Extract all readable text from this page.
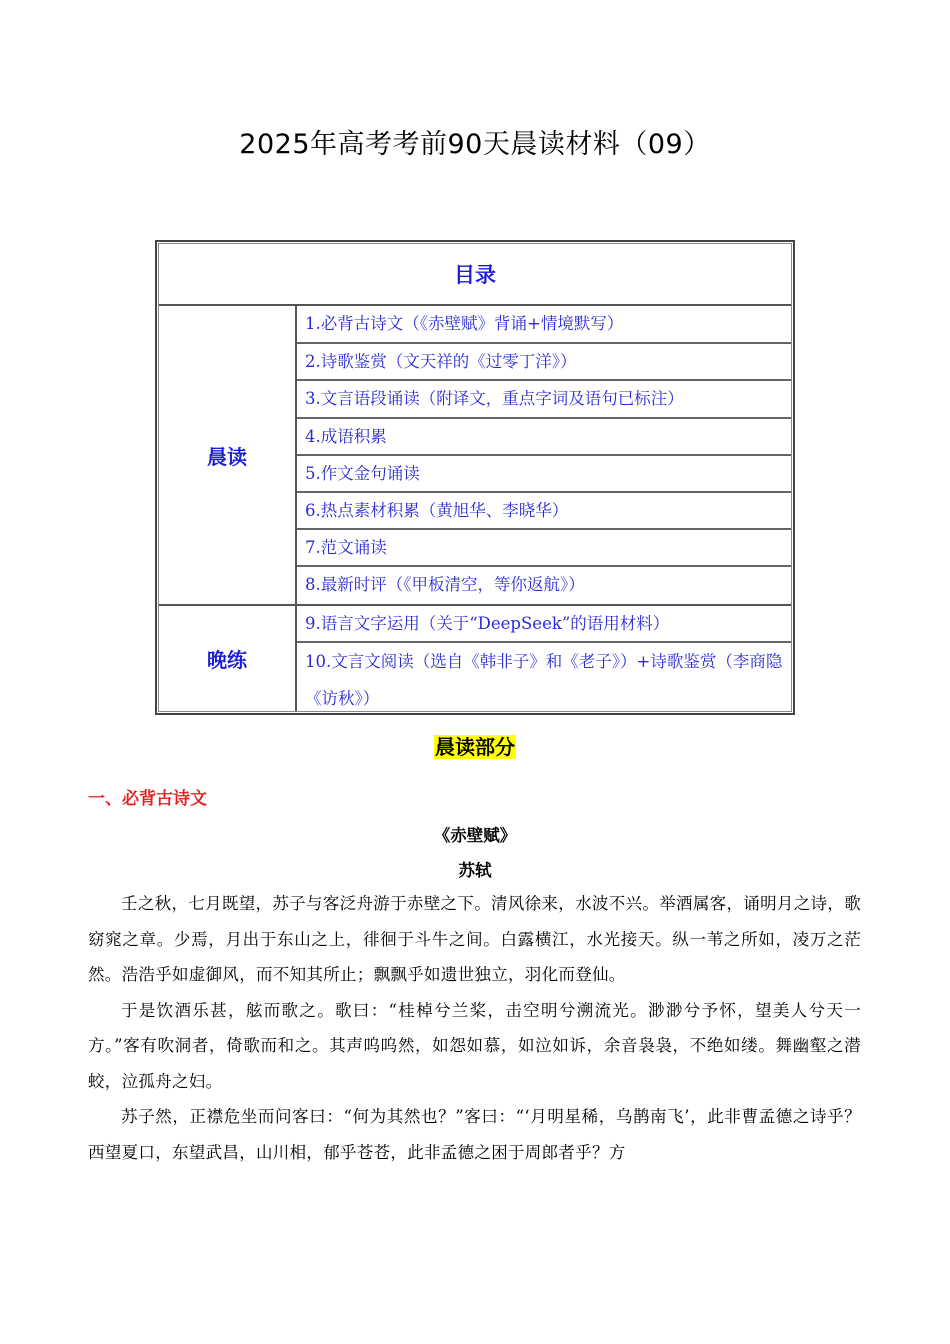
2025年高考考前90天晨读材料（09）
目录
晨读
1.必背古诗文（《赤壁赋》背诵+情境默写）
2.诗歌鉴赏（文天祥的《过零丁洋》）
3.文言语段诵读（附译文，重点字词及语句已标注）
4.成语积累
5.作文金句诵读
6.热点素材积累（黄旭华、李晓华）
7.范文诵读
8.最新时评（《甲板清空，等你返航》）
晚练
9.语言文字运用（关于“DeepSeek”的语用材料）
10.文言文阅读（选自《韩非子》和《老子》）+诗歌鉴赏（李商隐《访秋》）
晨读部分
一、必背古诗文
《赤壁赋》
苏轼

壬之秋，七月既望，苏子与客泛舟游于赤壁之下。清风徐来，水波不兴。举酒属客，诵明月之诗，歌窈窕之章。少焉，月出于东山之上，徘徊于斗牛之间。白露横江，水光接天。纵一苇之所如，凌万之茫然。浩浩乎如虚御风，而不知其所止；飘飘乎如遗世独立，羽化而登仙。

于是饮酒乐甚，舷而歌之。歌曰：“桂棹兮兰桨，击空明兮溯流光。渺渺兮予怀，望美人兮天一方。”客有吹洞者，倚歌而和之。其声呜呜然，如怨如慕，如泣如诉，余音袅袅，不绝如缕。舞幽壑之潜蛟，泣孤舟之妇。

苏子然，正襟危坐而问客曰：“何为其然也？”客曰：“‘月明星稀，乌鹊南飞’，此非曹孟德之诗乎？西望夏口，东望武昌，山川相，郁乎苍苍，此非孟德之困于周郎者乎？方
